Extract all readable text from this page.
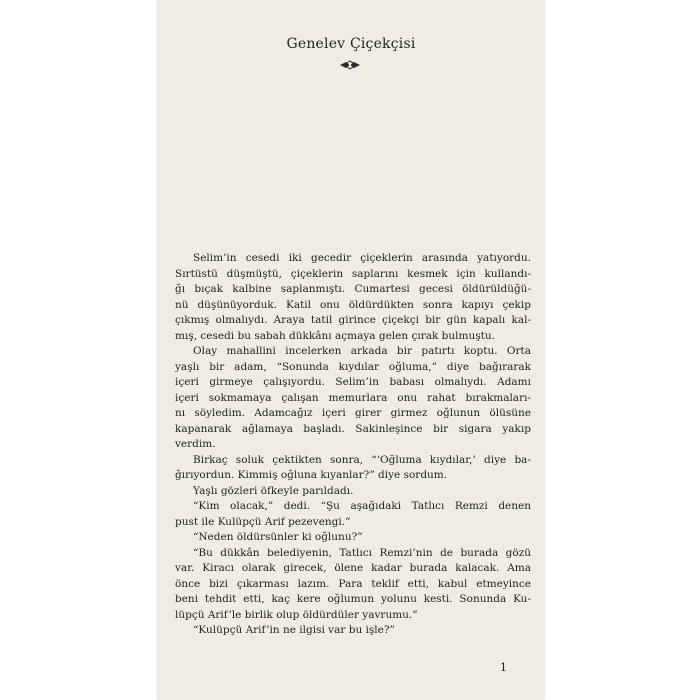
Genelev Çiçekçisi
Selim’in cesedi iki gecedir çiçeklerin arasında yatıyordu.
Sırtüstü düşmüştü, çiçeklerin saplarını kesmek için kullandı-
ğı bıçak kalbine saplanmıştı. Cumartesi gecesi öldürüldüğü-
nü düşünüyorduk. Katil onu öldürdükten sonra kapıyı çekip
çıkmış olmalıydı. Araya tatil girince çiçekçi bir gün kapalı kal-
mış, cesedi bu sabah dükkânı açmaya gelen çırak bulmuştu.
Olay mahallini incelerken arkada bir patırtı koptu. Orta
yaşlı bir adam, “Sonunda kıydılar oğluma,” diye bağırarak
içeri girmeye çalışıyordu. Selim’in babası olmalıydı. Adamı
içeri sokmamaya çalışan memurlara onu rahat bırakmaları-
nı söyledim. Adamcağız içeri girer girmez oğlunun ölüsüne
kapanarak ağlamaya başladı. Sakinleşince bir sigara yakıp
verdim.
Birkaç soluk çektikten sonra, “‘Oğluma kıydılar,’ diye ba-
ğırıyordun. Kimmiş oğluna kıyanlar?” diye sordum.
Yaşlı gözleri öfkeyle parıldadı.
“Kim olacak,” dedi. “Şu aşağıdaki Tatlıcı Remzi denen
pust ile Kulüpçü Arif pezevengi.”
“Neden öldürsünler ki oğlunu?”
“Bu dükkân belediyenin, Tatlıcı Remzi’nin de burada gözü
var. Kiracı olarak girecek, ölene kadar burada kalacak. Ama
önce bizi çıkarması lazım. Para teklif etti, kabul etmeyince
beni tehdit etti, kaç kere oğlumun yolunu kesti. Sonunda Ku-
lüpçü Arif’le birlik olup öldürdüler yavrumu.”
“Kulüpçü Arif’in ne ilgisi var bu işle?”
1
